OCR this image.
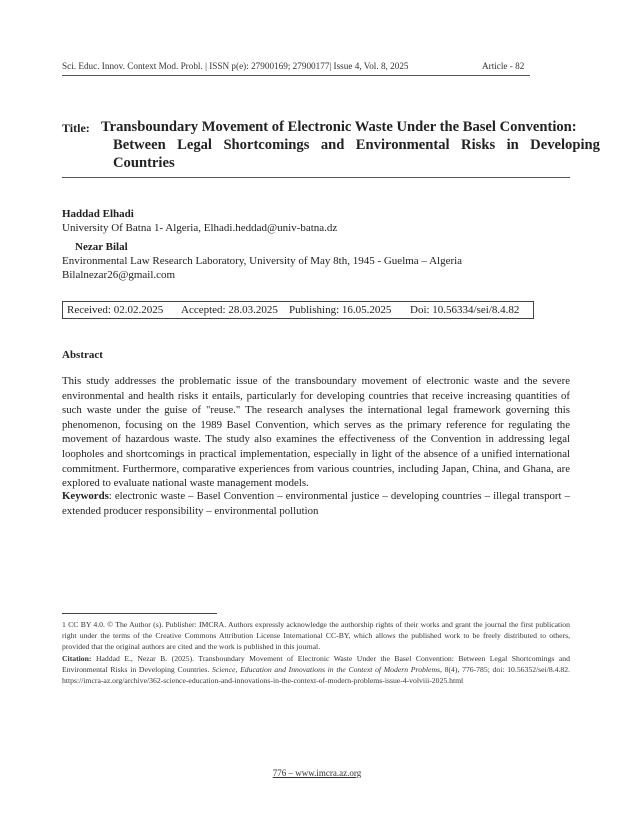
Sci. Educ. Innov. Context Mod. Probl. | ISSN p(e): 27900169; 27900177| Issue 4, Vol. 8, 2025	Article - 82
Title: Transboundary Movement of Electronic Waste Under the Basel Convention:
Between Legal Shortcomings and Environmental Risks in Developing
Countries
Haddad Elhadi
University Of Batna 1- Algeria, Elhadi.heddad@univ-batna.dz
Nezar Bilal
Environmental Law Research Laboratory, University of May 8th, 1945 - Guelma – Algeria
Bilalnezar26@gmail.com
Received: 02.02.2025 Accepted: 28.03.2025 Publishing: 16.05.2025 Doi: 10.56334/sei/8.4.82
Abstract
This study addresses the problematic issue of the transboundary movement of electronic waste and the severe environmental and health risks it entails, particularly for developing countries that receive increasing quantities of such waste under the guise of "reuse." The research analyses the international legal framework governing this phenomenon, focusing on the 1989 Basel Convention, which serves as the primary reference for regulating the movement of hazardous waste. The study also examines the effectiveness of the Convention in addressing legal loopholes and shortcomings in practical implementation, especially in light of the absence of a unified international commitment. Furthermore, comparative experiences from various countries, including Japan, China, and Ghana, are explored to evaluate national waste management models.
Keywords: electronic waste – Basel Convention – environmental justice – developing countries – illegal transport – extended producer responsibility – environmental pollution
1 CC BY 4.0. © The Author (s). Publisher: IMCRA. Authors expressly acknowledge the authorship rights of their works and grant the journal the first publication right under the terms of the Creative Commons Attribution License International CC-BY, which allows the published work to be freely distributed to others, provided that the original authors are cited and the work is published in this journal.
Citation: Haddad E., Nezar B. (2025). Transboundary Movement of Electronic Waste Under the Basel Convention: Between Legal Shortcomings and Environmental Risks in Developing Countries. Science, Education and Innovations in the Context of Modern Problems, 8(4), 776-785; doi: 10.56352/sei/8.4.82. https://imcra-az.org/archive/362-science-education-and-innovations-in-the-context-of-modern-problems-issue-4-volviii-2025.html
776 – www.imcra.az.org
